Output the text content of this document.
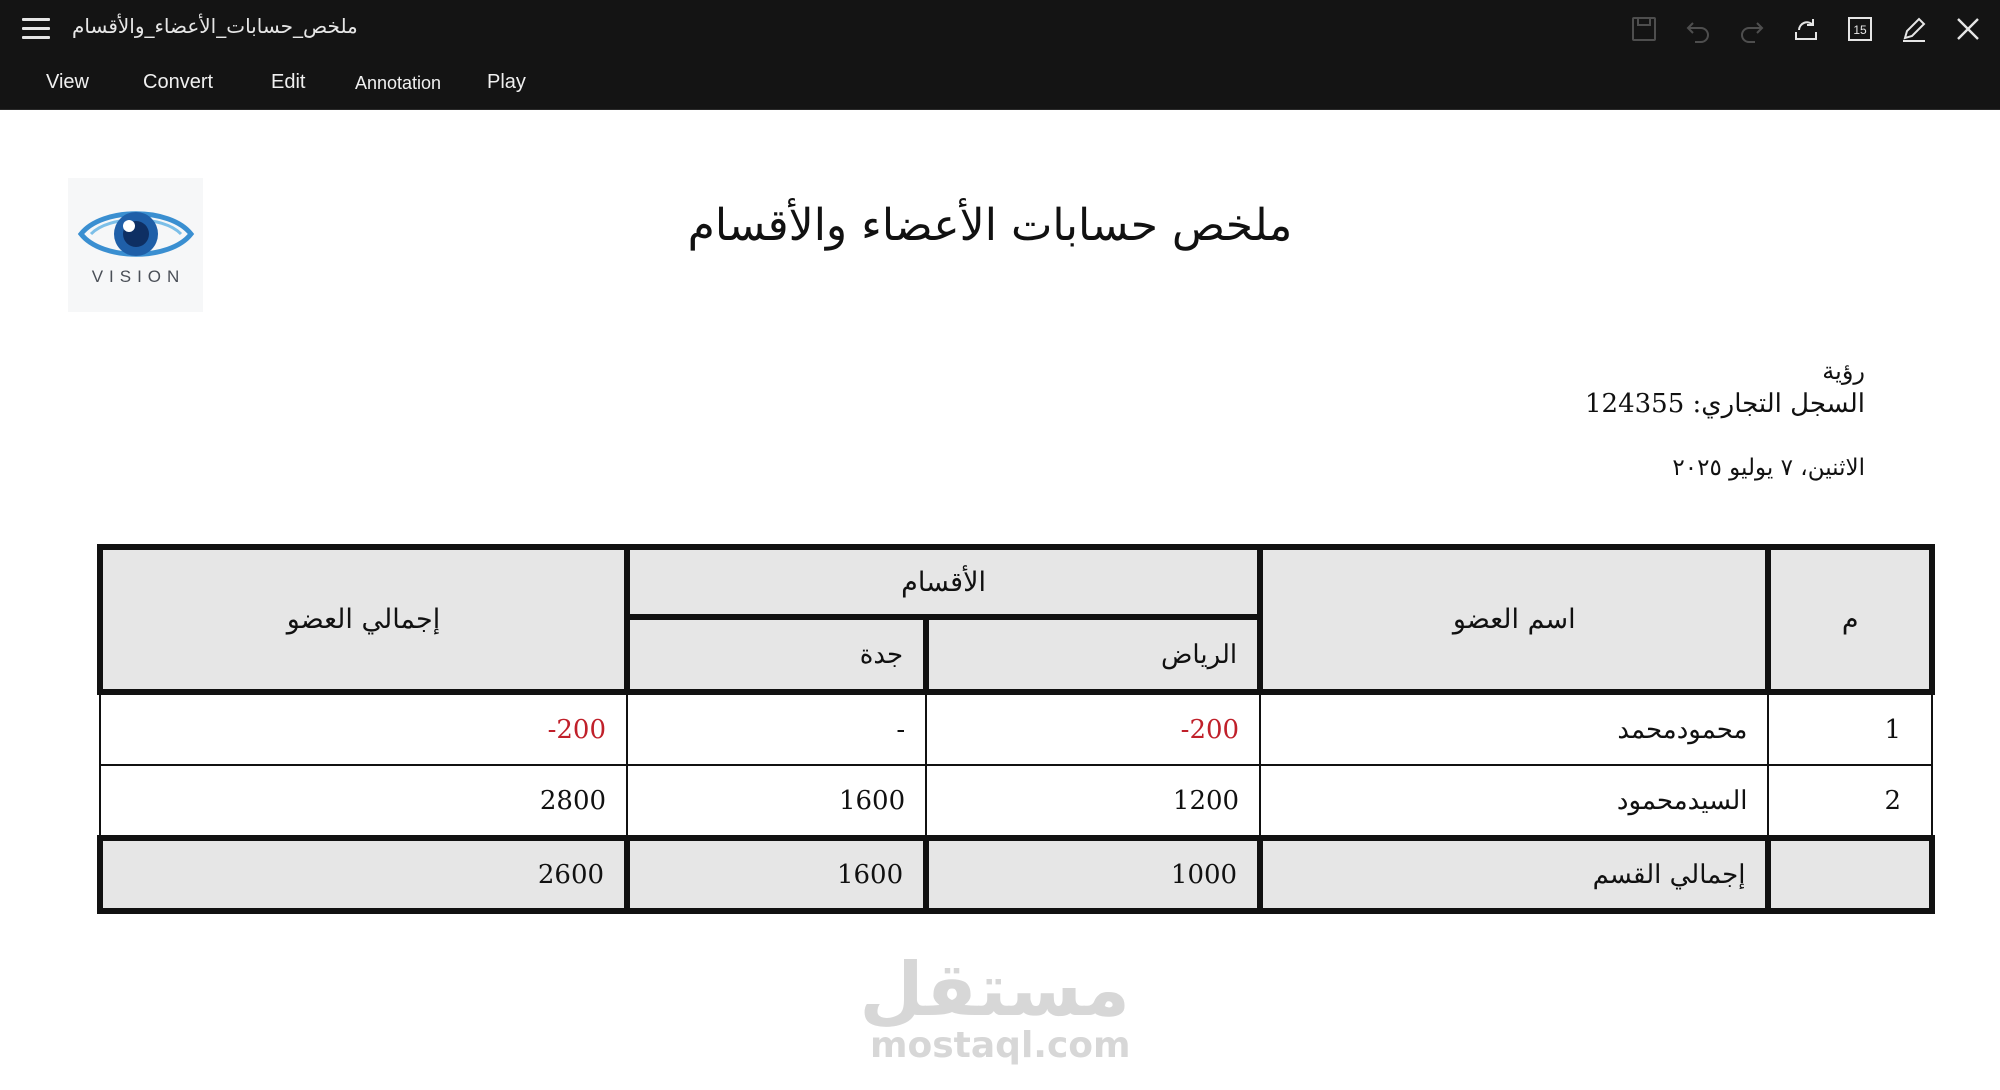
ملخص_حسابات_الأعضاء_والأقسام	15
View	Convert	Edit	Annotation Play
VISION
ملخص حسابات الأعضاء والأقسام
رؤية
السجل التجاري: 124355
الاثنين، ٧ يوليو ٢٠٢٥
م	اسم العضو	الأقسام		إجمالي العضو
		الرياض	جدة	
1	محمودمحمد	-200	-	-200
2	السيدمحمود	1200	1600	2800
	إجمالي القسم	1000	1600	2600
مستقل
mostaql.com
